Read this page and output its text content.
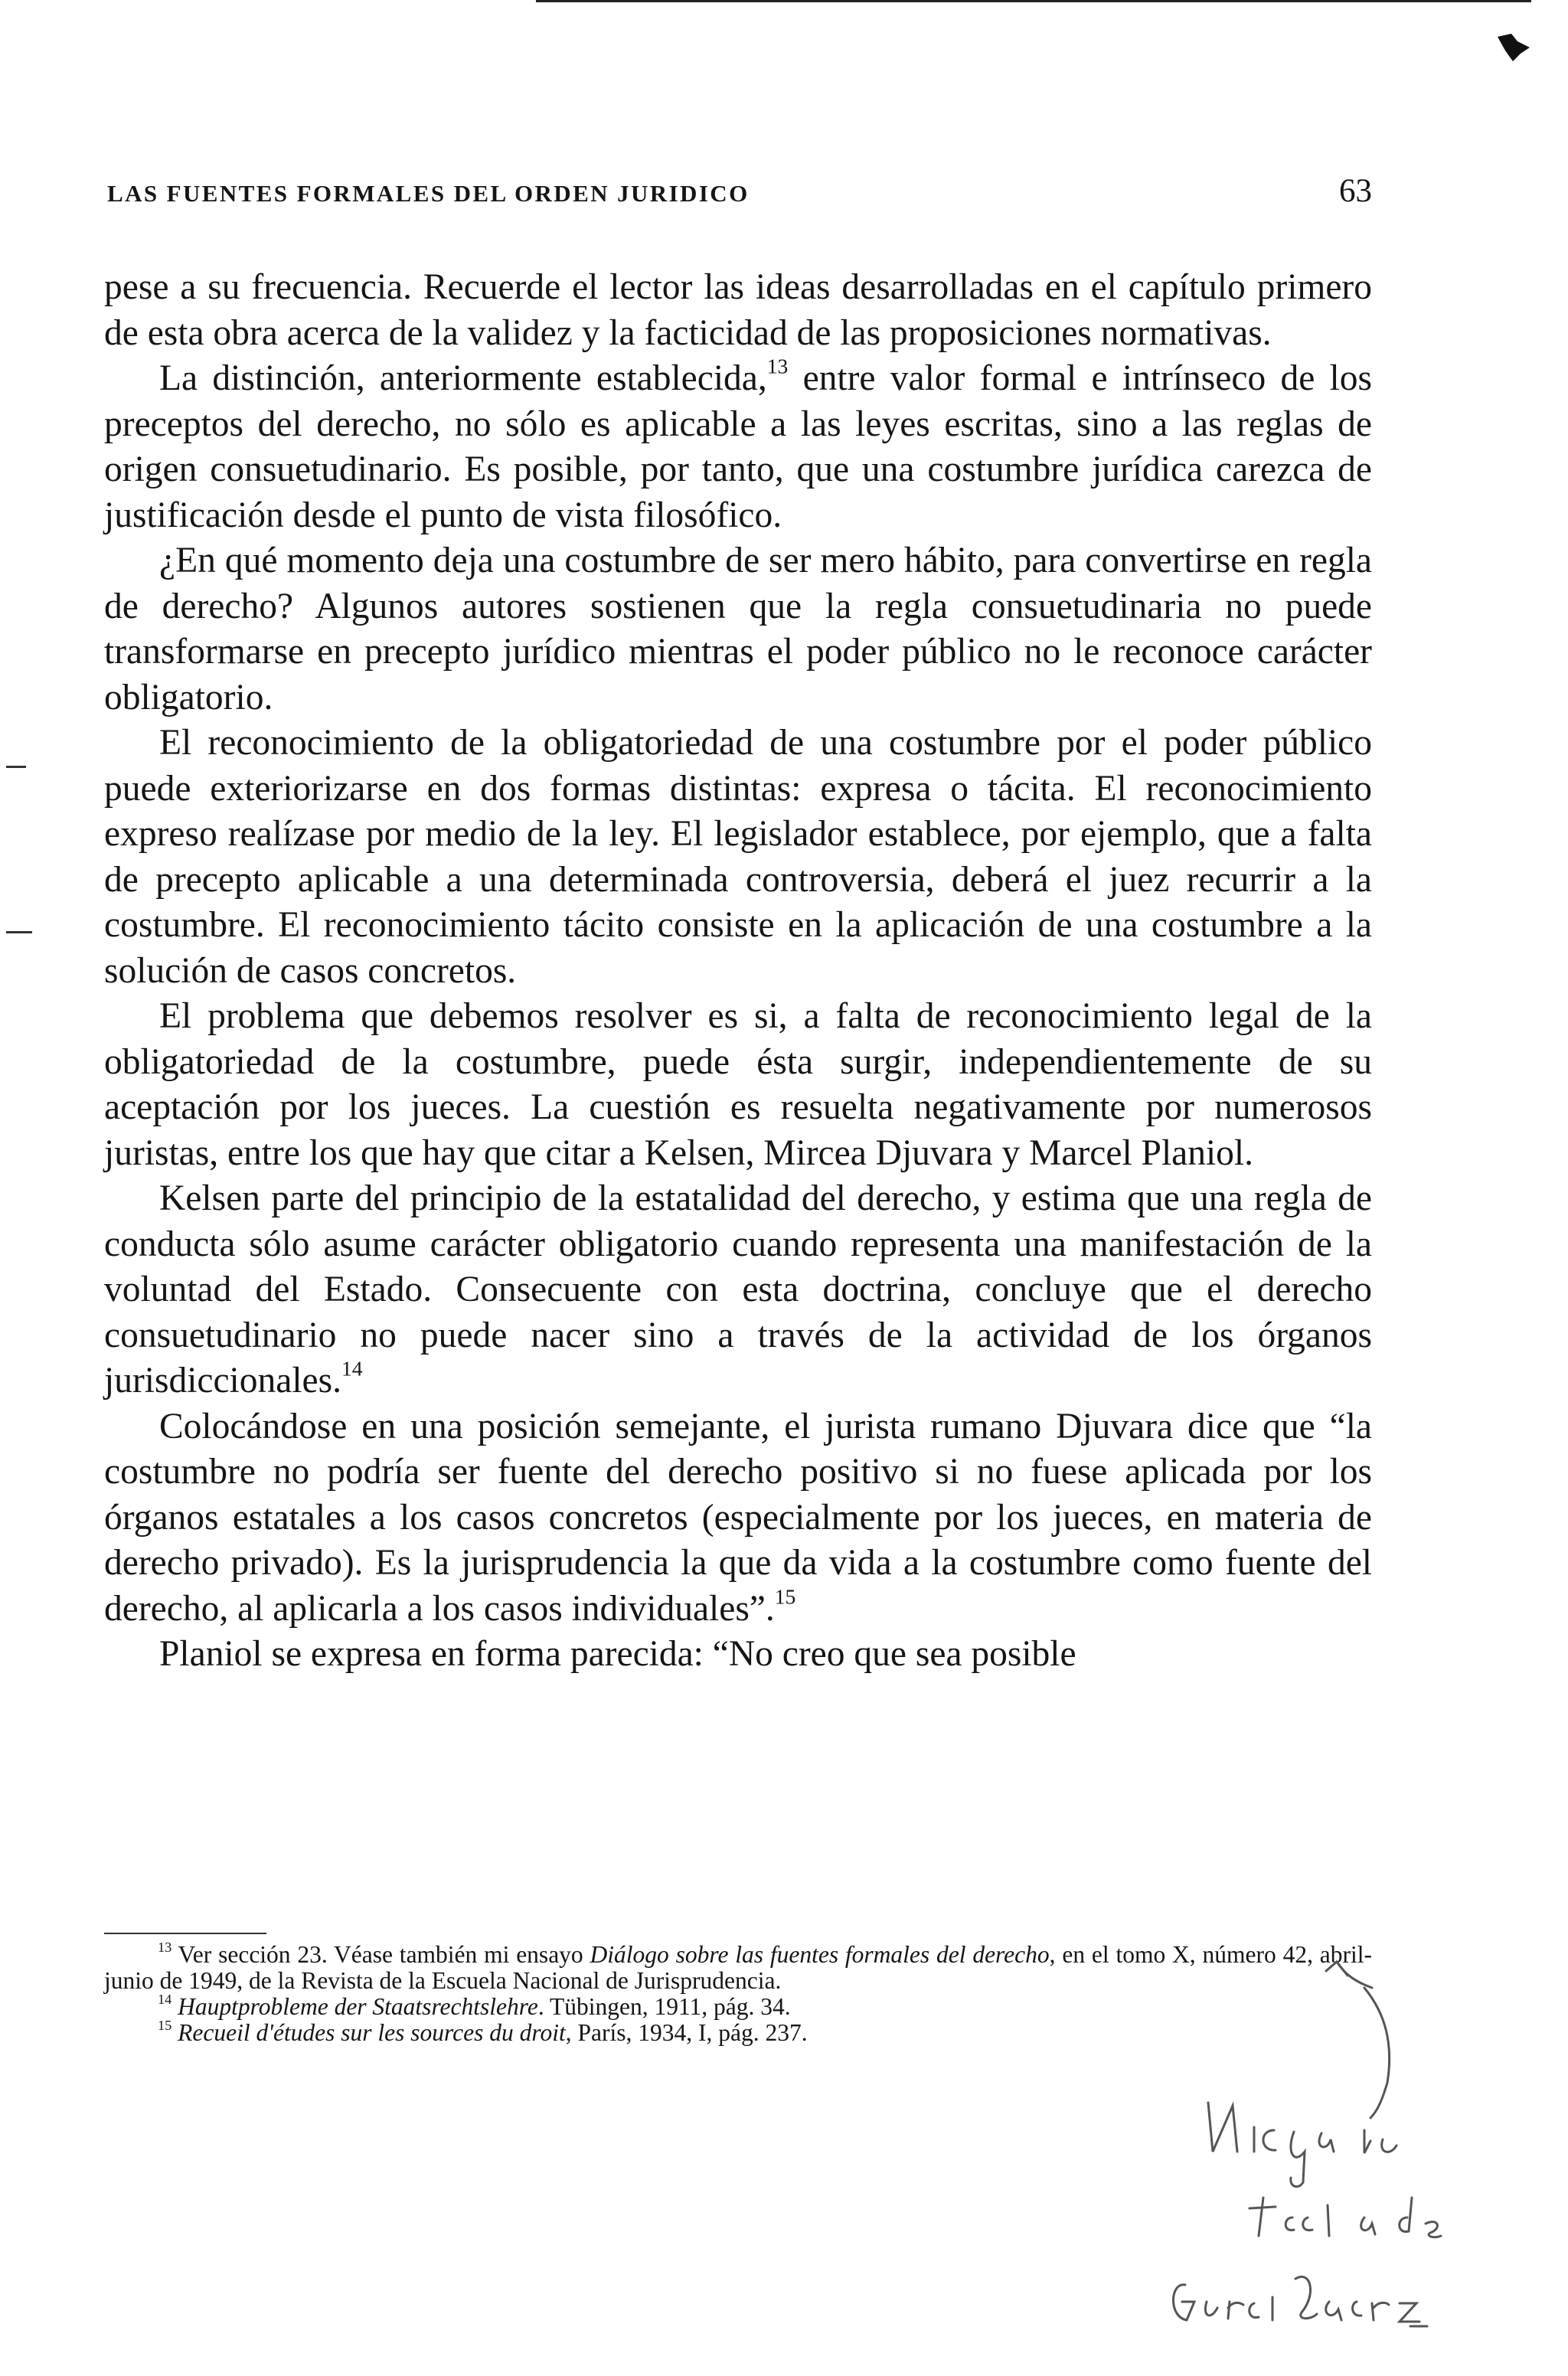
LAS FUENTES FORMALES DEL ORDEN JURIDICO	63

pese a su frecuencia. Recuerde el lector las ideas desarrolladas en el capítulo primero de esta obra acerca de la validez y la facticidad de las proposiciones normativas.

La distinción, anteriormente establecida,$^{13}$ entre valor formal e intrínseco de los preceptos del derecho, no sólo es aplicable a las leyes escritas, sino a las reglas de origen consuetudinario. Es posible, por tanto, que una costumbre jurídica carezca de justificación desde el punto de vista filosófico.

¿En qué momento deja una costumbre de ser mero hábito, para convertirse en regla de derecho? Algunos autores sostienen que la regla consuetudinaria no puede transformarse en precepto jurídico mientras el poder público no le reconoce carácter obligatorio.

El reconocimiento de la obligatoriedad de una costumbre por el poder público puede exteriorizarse en dos formas distintas: expresa o tácita. El reconocimiento expreso realízase por medio de la ley. El legislador establece, por ejemplo, que a falta de precepto aplicable a una determinada controversia, deberá el juez recurrir a la costumbre. El reconocimiento tácito consiste en la aplicación de una costumbre a la solución de casos concretos.

El problema que debemos resolver es si, a falta de reconocimiento legal de la obligatoriedad de la costumbre, puede ésta surgir, independientemente de su aceptación por los jueces. La cuestión es resuelta negativamente por numerosos juristas, entre los que hay que citar a Kelsen, Mircea Djuvara y Marcel Planiol.

Kelsen parte del principio de la estatalidad del derecho, y estima que una regla de conducta sólo asume carácter obligatorio cuando representa una manifestación de la voluntad del Estado. Consecuente con esta doctrina, concluye que el derecho consuetudinario no puede nacer sino a través de la actividad de los órganos jurisdiccionales.$^{14}$

Colocándose en una posición semejante, el jurista rumano Djuvara dice que “la costumbre no podría ser fuente del derecho positivo si no fuese aplicada por los órganos estatales a los casos concretos (especialmente por los jueces, en materia de derecho privado). Es la jurisprudencia la que da vida a la costumbre como fuente del derecho, al aplicarla a los casos individuales”.$^{15}$

Planiol se expresa en forma parecida: “No creo que sea posible

$^{13}$ Ver sección 23. Véase también mi ensayo Diálogo sobre las fuentes formales del derecho, en el tomo X, número 42, abril-junio de 1949, de la Revista de la Escuela Nacional de Jurisprudencia.

$^{14}$ Hauptprobleme der Staatsrechtslehre. Tübingen, 1911, pág. 34.

$^{15}$ Recueil d'études sur les sources du droit, París, 1934, I, pág. 237.
